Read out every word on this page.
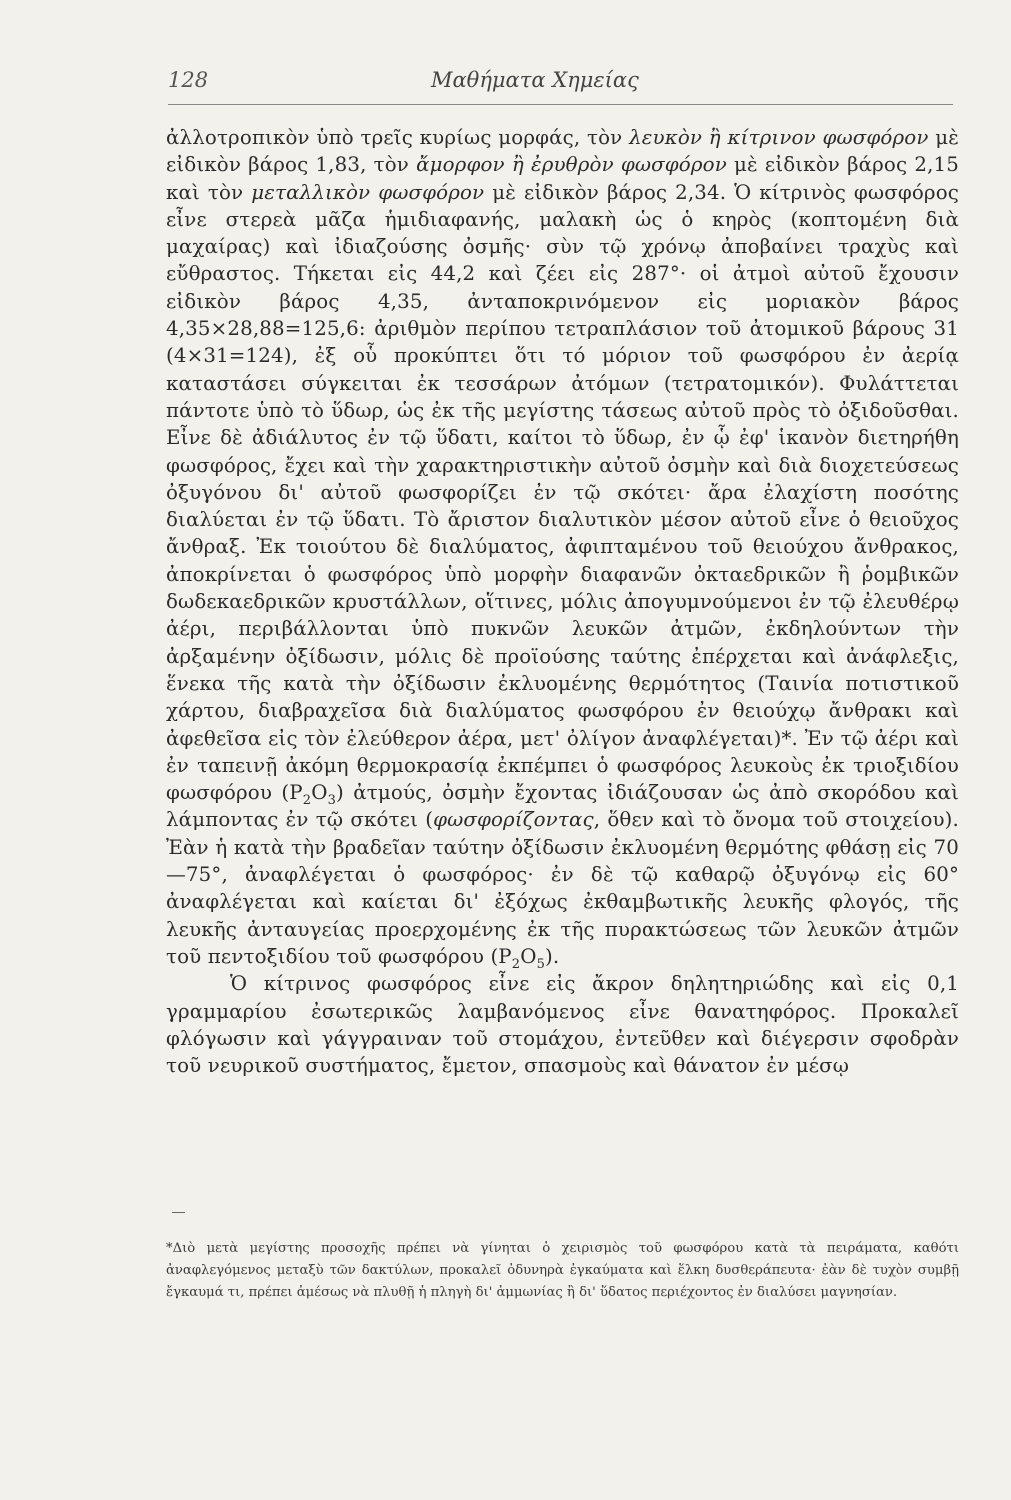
128	Μαθήματα Χημείας

ἀλλοτροπικὸν ὑπὸ τρεῖς κυρίως μορφάς, τὸν λευκὸν ἢ κίτρινον φωσφόρον μὲ εἰδικὸν βάρος 1,83, τὸν ἄμορφον ἢ ἐρυθρὸν φωσφόρον μὲ εἰδικὸν βάρος 2,15 καὶ τὸν μεταλλικὸν φωσφόρον μὲ εἰδικὸν βάρος 2,34. Ὁ κίτρινὸς φωσφόρος εἶνε στερεὰ μᾶζα ἡμιδιαφανής, μαλακὴ ὡς ὁ κηρὸς (κοπτομένη διὰ μαχαίρας) καὶ ἰδιαζούσης ὀσμῆς· σὺν τῷ χρόνῳ ἀποβαίνει τραχὺς καὶ εὔθραστος. Τήκεται εἰς 44,2 καὶ ζέει εἰς 287°· οἱ ἀτμοὶ αὐτοῦ ἔχουσιν εἰδικὸν βάρος 4,35, ἀνταποκρινόμενον εἰς μοριακὸν βάρος 4,35×28,88=125,6: ἀριθμὸν περίπου τετραπλάσιον τοῦ ἀτομικοῦ βάρους 31 (4×31=124), ἐξ οὗ προκύπτει ὅτι τό μόριον τοῦ φωσφόρου ἐν ἀερίᾳ καταστάσει σύγκειται ἐκ τεσσάρων ἀτόμων (τετρατομικόν). Φυλάττεται πάντοτε ὑπὸ τὸ ὕδωρ, ὡς ἐκ τῆς μεγίστης τάσεως αὐτοῦ πρὸς τὸ ὀξιδοῦσθαι. Εἶνε δὲ ἀδιάλυτος ἐν τῷ ὕδατι, καίτοι τὸ ὕδωρ, ἐν ᾧ ἐφ' ἱκανὸν διετηρήθη φωσφόρος, ἔχει καὶ τὴν χαρακτηριστικὴν αὐτοῦ ὀσμὴν καὶ διὰ διοχετεύσεως ὀξυγόνου δι' αὐτοῦ φωσφορίζει ἐν τῷ σκότει· ἄρα ἐλαχίστη ποσότης διαλύεται ἐν τῷ ὕδατι. Τὸ ἄριστον διαλυτικὸν μέσον αὐτοῦ εἶνε ὁ θειοῦχος ἄνθραξ. Ἐκ τοιούτου δὲ διαλύματος, ἀφιπταμένου τοῦ θειούχου ἄνθρακος, ἀποκρίνεται ὁ φωσφόρος ὑπὸ μορφὴν διαφανῶν ὀκταεδρικῶν ἢ ῥομβικῶν δωδεκαεδρικῶν κρυστάλλων, οἵτινες, μόλις ἀπογυμνούμενοι ἐν τῷ ἐλευθέρῳ ἀέρι, περιβάλλονται ὑπὸ πυκνῶν λευκῶν ἀτμῶν, ἐκδηλούντων τὴν ἀρξαμένην ὀξίδωσιν, μόλις δὲ προϊούσης ταύτης ἐπέρχεται καὶ ἀνάφλεξις, ἕνεκα τῆς κατὰ τὴν ὀξίδωσιν ἐκλυομένης θερμότητος (Ταινία ποτιστικοῦ χάρτου, διαβραχεῖσα διὰ διαλύματος φωσφόρου ἐν θειούχῳ ἄνθρακι καὶ ἀφεθεῖσα εἰς τὸν ἐλεύθερον ἀέρα, μετ' ὀλίγον ἀναφλέγεται)*. Ἐν τῷ ἀέρι καὶ ἐν ταπεινῇ ἀκόμη θερμοκρασίᾳ ἐκπέμπει ὁ φωσφόρος λευκοὺς ἐκ τριοξιδίου φωσφόρου $(P_2O_3)$ ἀτμούς, ὀσμὴν ἔχοντας ἰδιάζουσαν ὡς ἀπὸ σκορόδου καὶ λάμποντας ἐν τῷ σκότει (φωσφορίζοντας, ὅθεν καὶ τὸ ὄνομα τοῦ στοιχείου). Ἐὰν ἡ κατὰ τὴν βραδεῖαν ταύτην ὀξίδωσιν ἐκλυομένη θερμότης φθάσῃ εἰς 70—75°, ἀναφλέγεται ὁ φωσφόρος· ἐν δὲ τῷ καθαρῷ ὀξυγόνῳ εἰς 60° ἀναφλέγεται καὶ καίεται δι' ἐξόχως ἐκθαμβωτικῆς λευκῆς φλογός, τῆς λευκῆς ἀνταυγείας προερχομένης ἐκ τῆς πυρακτώσεως τῶν λευκῶν ἀτμῶν τοῦ πεντοξιδίου τοῦ φωσφόρου $(P_2O_5)$.

Ὁ κίτρινος φωσφόρος εἶνε εἰς ἄκρον δηλητηριώδης καὶ εἰς 0,1 γραμμαρίου ἐσωτερικῶς λαμβανόμενος εἶνε θανατηφόρος. Προκαλεῖ φλόγωσιν καὶ γάγγραιναν τοῦ στομάχου, ἐντεῦθεν καὶ διέγερσιν σφοδρὰν τοῦ νευρικοῦ συστήματος, ἔμετον, σπασμοὺς καὶ θάνατον ἐν μέσῳ

*Διὸ μετὰ μεγίστης προσοχῆς πρέπει νὰ γίνηται ὁ χειρισμὸς τοῦ φωσφόρου κατὰ τὰ πειράματα, καθότι ἀναφλεγόμενος μεταξὺ τῶν δακτύλων, προκαλεῖ ὀδυνηρὰ ἐγκαύματα καὶ ἕλκη δυσθεράπευτα· ἐὰν δὲ τυχὸν συμβῇ ἔγκαυμά τι, πρέπει ἀμέσως νὰ πλυθῇ ἡ πληγὴ δι' ἀμμωνίας ἢ δι' ὕδατος περιέχοντος ἐν διαλύσει μαγνησίαν.
